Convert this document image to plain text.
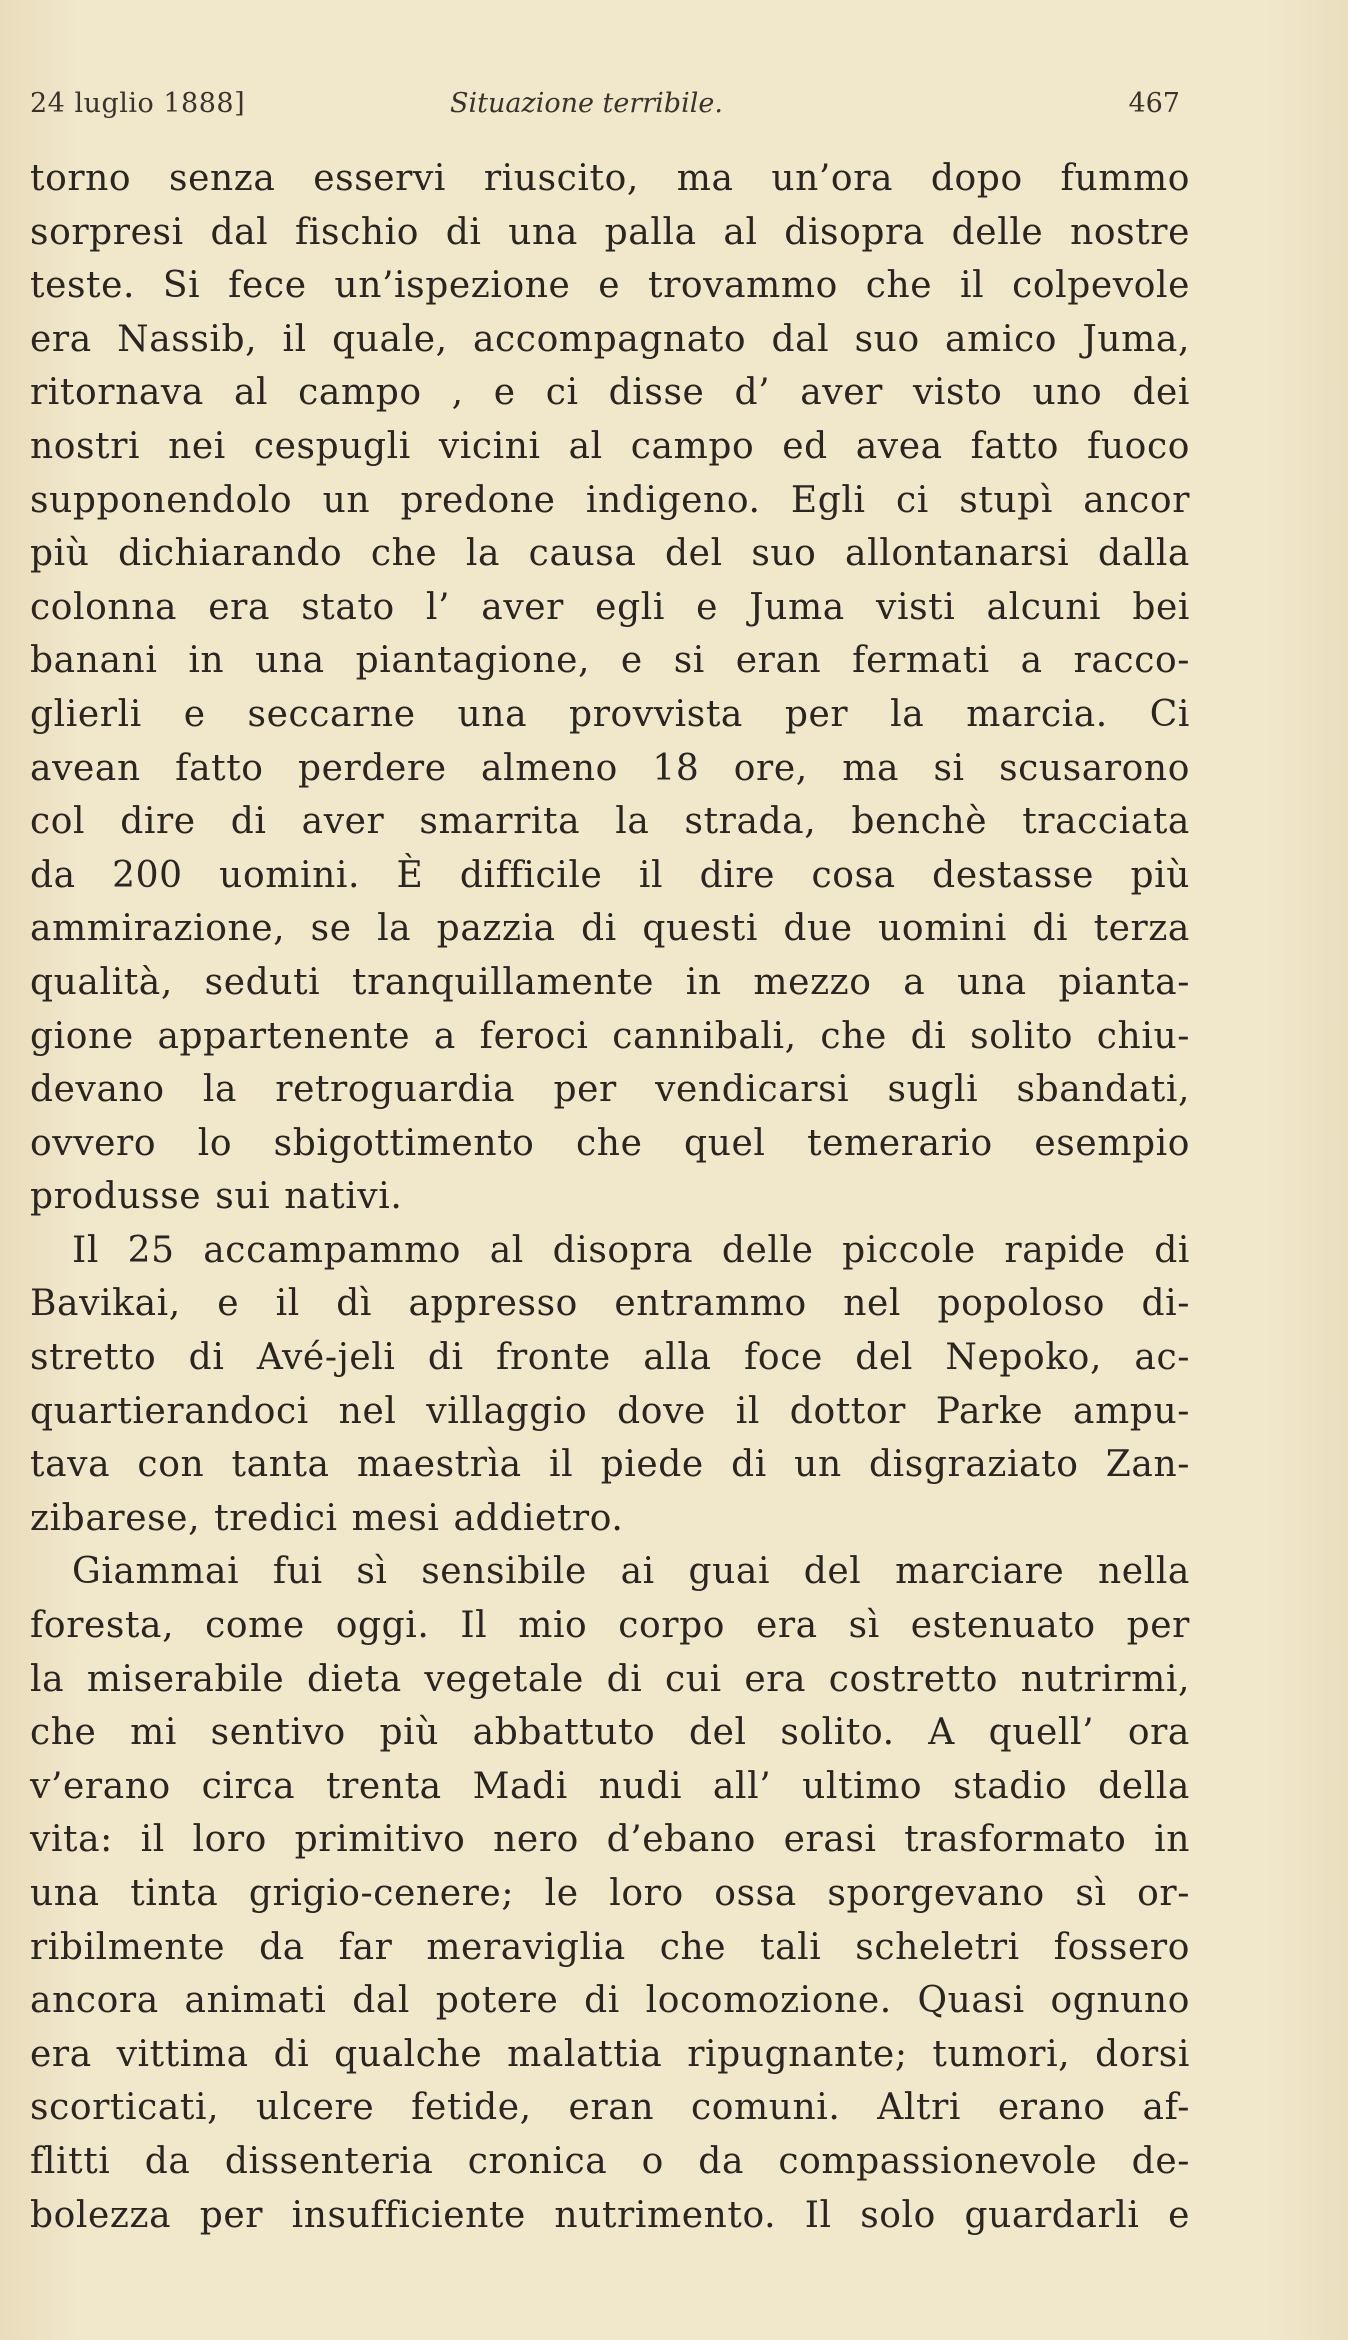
24 luglio 1888]	Situazione terribile.	467
torno senza esservi riuscito, ma un’ora dopo fummo
sorpresi dal fischio di una palla al disopra delle nostre
teste. Si fece un’ispezione e trovammo che il colpevole
era Nassib, il quale, accompagnato dal suo amico Juma,
ritornava al campo , e ci disse d’ aver visto uno dei
nostri nei cespugli vicini al campo ed avea fatto fuoco
supponendolo un predone indigeno. Egli ci stupì ancor
più dichiarando che la causa del suo allontanarsi dalla
colonna era stato l’ aver egli e Juma visti alcuni bei
banani in una piantagione, e si eran fermati a racco-
glierli e seccarne una provvista per la marcia. Ci
avean fatto perdere almeno 18 ore, ma si scusarono
col dire di aver smarrita la strada, benchè tracciata
da 200 uomini. È difficile il dire cosa destasse più
ammirazione, se la pazzia di questi due uomini di terza
qualità, seduti tranquillamente in mezzo a una pianta-
gione appartenente a feroci cannibali, che di solito chiu-
devano la retroguardia per vendicarsi sugli sbandati,
ovvero lo sbigottimento che quel temerario esempio
produsse sui nativi.
Il 25 accampammo al disopra delle piccole rapide di
Bavikai, e il dì appresso entrammo nel popoloso di-
stretto di Avé-jeli di fronte alla foce del Nepoko, ac-
quartierandoci nel villaggio dove il dottor Parke ampu-
tava con tanta maestrìa il piede di un disgraziato Zan-
zibarese, tredici mesi addietro.
Giammai fui sì sensibile ai guai del marciare nella
foresta, come oggi. Il mio corpo era sì estenuato per
la miserabile dieta vegetale di cui era costretto nutrirmi,
che mi sentivo più abbattuto del solito. A quell’ ora
v’erano circa trenta Madi nudi all’ ultimo stadio della
vita: il loro primitivo nero d’ebano erasi trasformato in
una tinta grigio-cenere; le loro ossa sporgevano sì or-
ribilmente da far meraviglia che tali scheletri fossero
ancora animati dal potere di locomozione. Quasi ognuno
era vittima di qualche malattia ripugnante; tumori, dorsi
scorticati, ulcere fetide, eran comuni. Altri erano af-
flitti da dissenteria cronica o da compassionevole de-
bolezza per insufficiente nutrimento. Il solo guardarli e
